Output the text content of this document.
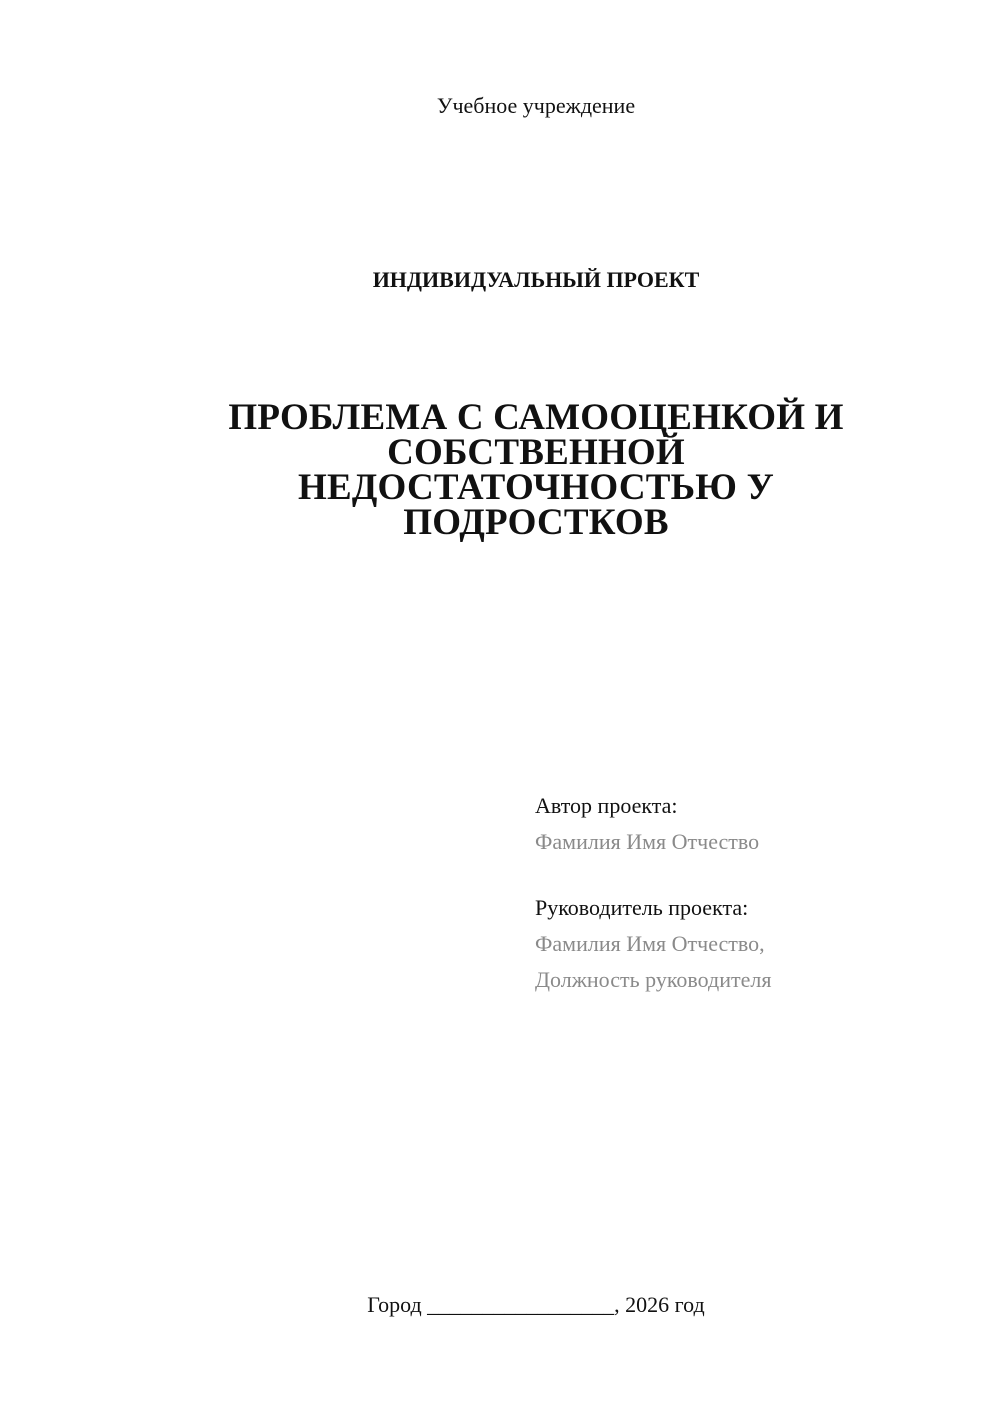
Учебное учреждение
ИНДИВИДУАЛЬНЫЙ ПРОЕКТ
ПРОБЛЕМА С САМООЦЕНКОЙ И
СОБСТВЕННОЙ
НЕДОСТАТОЧНОСТЬЮ У
ПОДРОСТКОВ
Автор проекта:
Фамилия Имя Отчество
Руководитель проекта:
Фамилия Имя Отчество,
Должность руководителя
Город _________________, 2026 год
